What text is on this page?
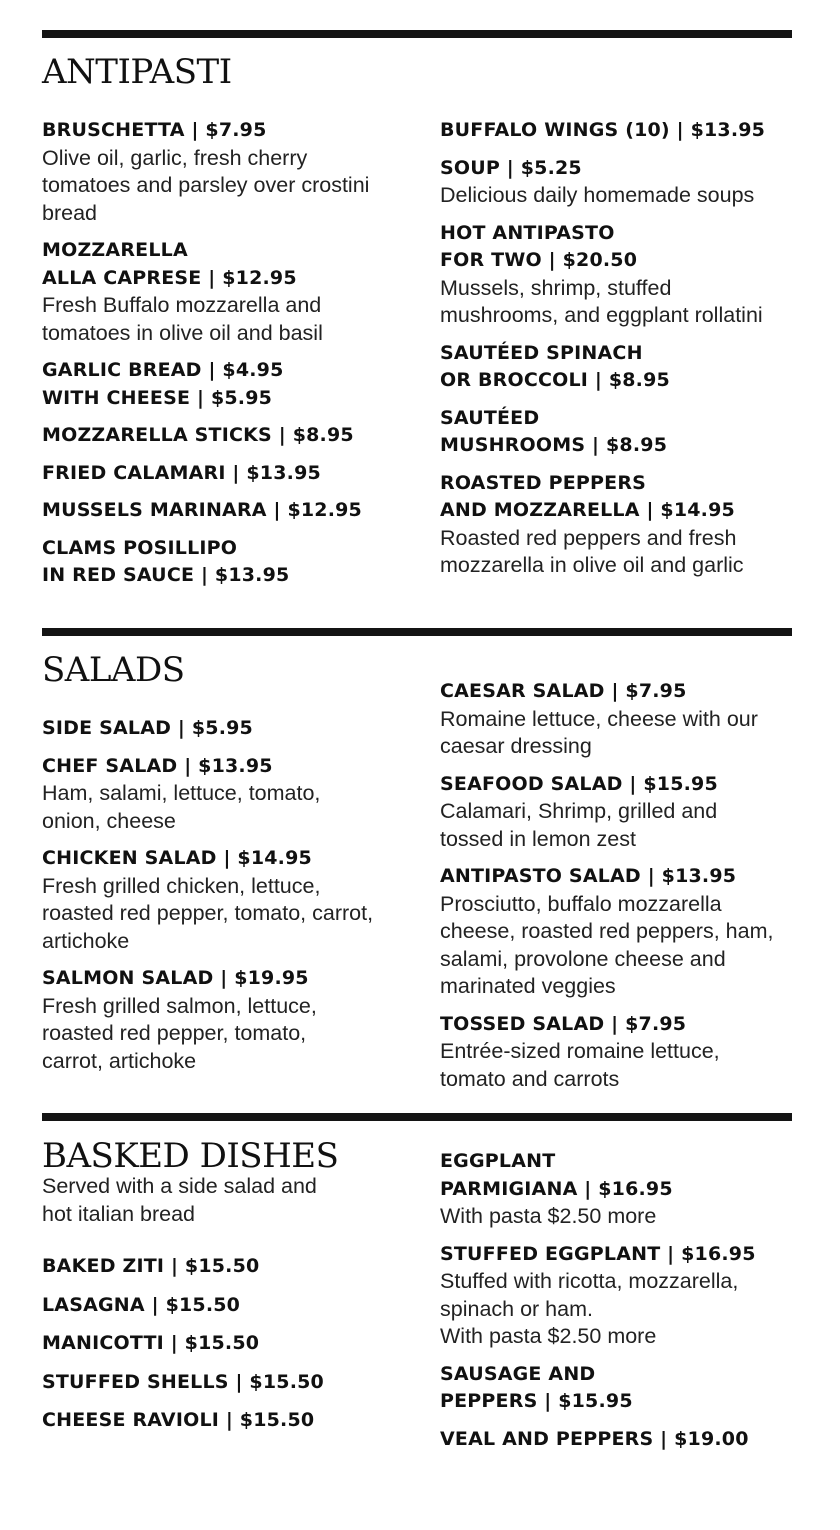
ANTIPASTI
BRUSCHETTA | $7.95
Olive oil, garlic, fresh cherry
tomatoes and parsley over crostini
bread
MOZZARELLA
ALLA CAPRESE | $12.95
Fresh Buffalo mozzarella and
tomatoes in olive oil and basil
GARLIC BREAD | $4.95
WITH CHEESE | $5.95
MOZZARELLA STICKS | $8.95
FRIED CALAMARI | $13.95
MUSSELS MARINARA | $12.95
CLAMS POSILLIPO
IN RED SAUCE | $13.95
BUFFALO WINGS (10) | $13.95
SOUP | $5.25
Delicious daily homemade soups
HOT ANTIPASTO
FOR TWO | $20.50
Mussels, shrimp, stuffed
mushrooms, and eggplant rollatini
SAUTÉED SPINACH
OR BROCCOLI | $8.95
SAUTÉED
MUSHROOMS | $8.95
ROASTED PEPPERS
AND MOZZARELLA | $14.95
Roasted red peppers and fresh
mozzarella in olive oil and garlic
SALADS
SIDE SALAD | $5.95
CHEF SALAD | $13.95
Ham, salami, lettuce, tomato,
onion, cheese
CHICKEN SALAD | $14.95
Fresh grilled chicken, lettuce,
roasted red pepper, tomato, carrot,
artichoke
SALMON SALAD | $19.95
Fresh grilled salmon, lettuce,
roasted red pepper, tomato,
carrot, artichoke
CAESAR SALAD | $7.95
Romaine lettuce, cheese with our
caesar dressing
SEAFOOD SALAD | $15.95
Calamari, Shrimp, grilled and
tossed in lemon zest
ANTIPASTO SALAD | $13.95
Prosciutto, buffalo mozzarella
cheese, roasted red peppers, ham,
salami, provolone cheese and
marinated veggies
TOSSED SALAD | $7.95
Entrée-sized romaine lettuce,
tomato and carrots
BASKED DISHES
Served with a side salad and
hot italian bread
BAKED ZITI | $15.50
LASAGNA | $15.50
MANICOTTI | $15.50
STUFFED SHELLS | $15.50
CHEESE RAVIOLI | $15.50
EGGPLANT
PARMIGIANA | $16.95
With pasta $2.50 more
STUFFED EGGPLANT | $16.95
Stuffed with ricotta, mozzarella,
spinach or ham.
With pasta $2.50 more
SAUSAGE AND
PEPPERS | $15.95
VEAL AND PEPPERS | $19.00
